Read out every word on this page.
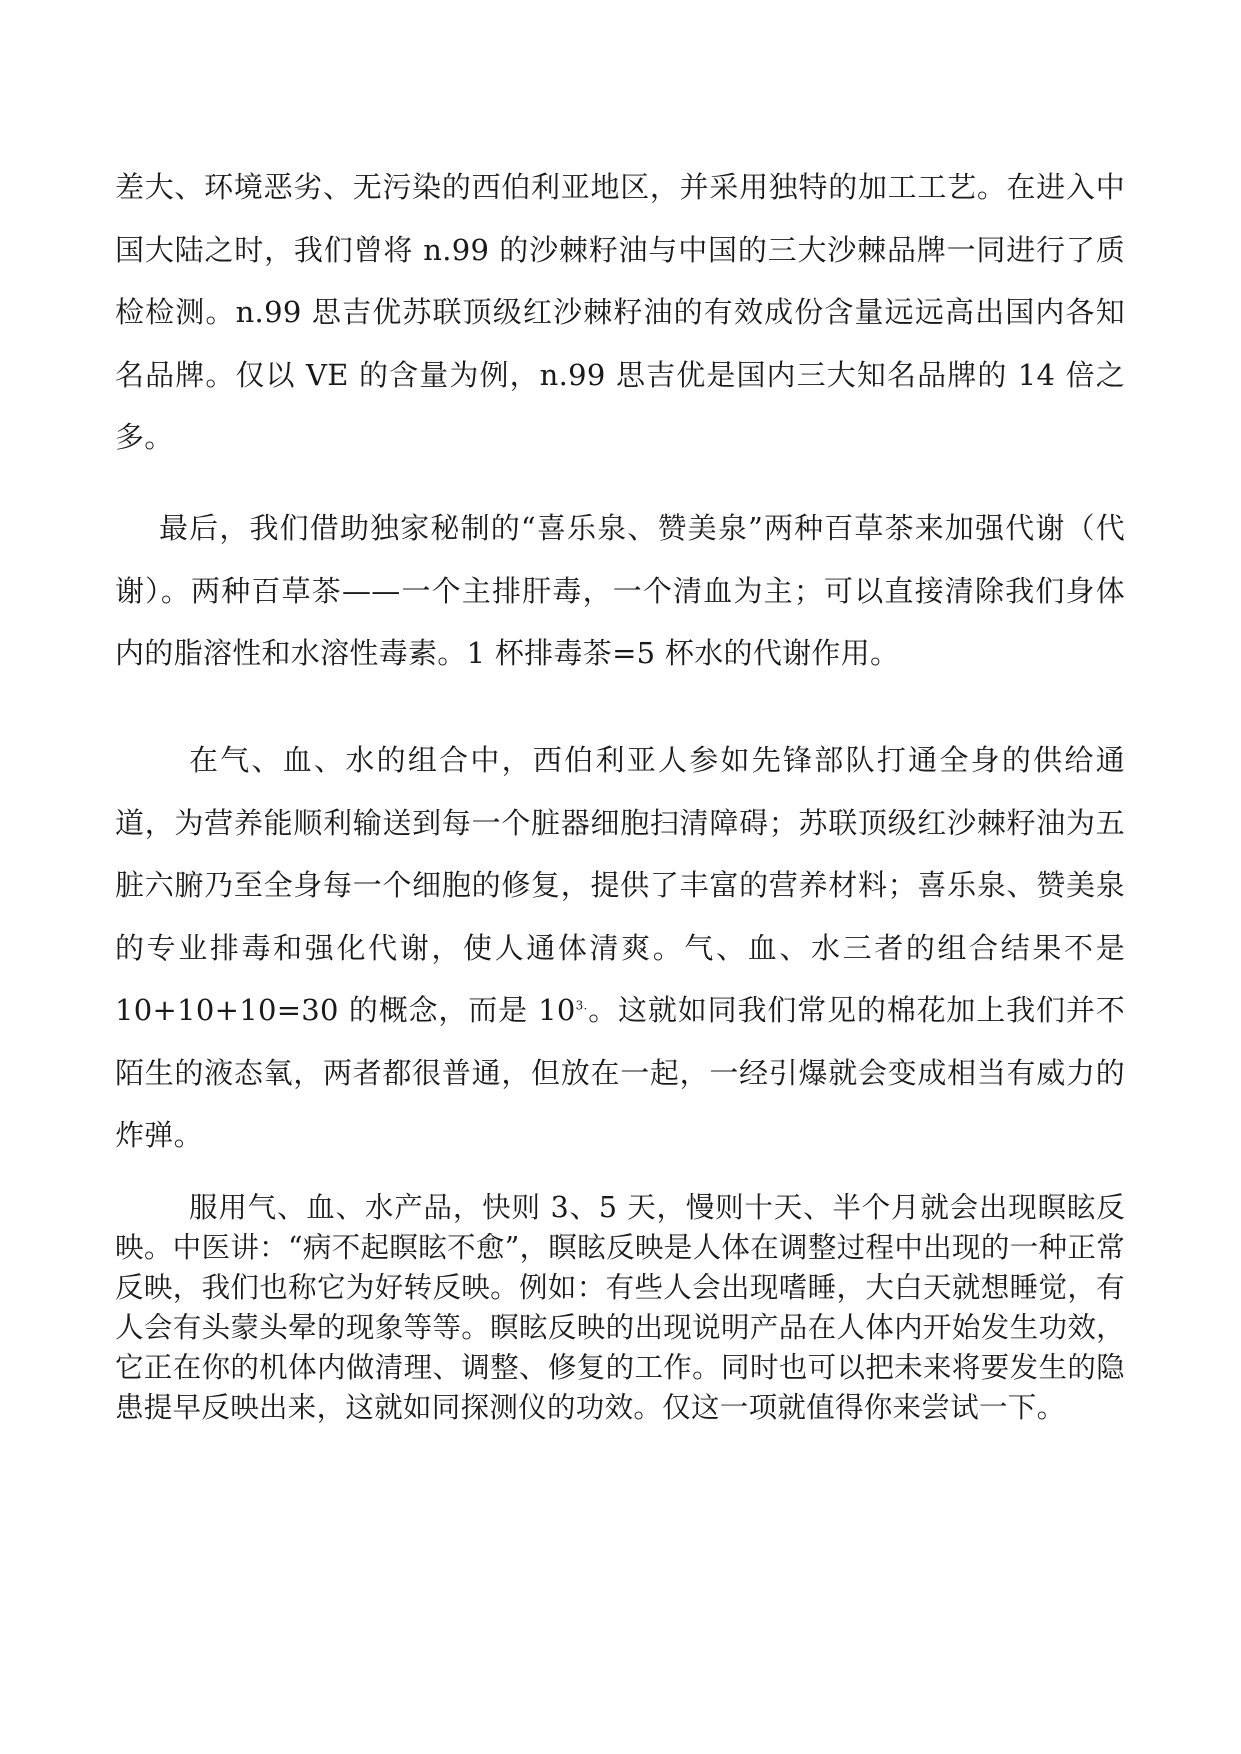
差大、环境恶劣、无污染的西伯利亚地区，并采用独特的加工工艺。在进入中国大陆之时，我们曾将 n.99 的沙棘籽油与中国的三大沙棘品牌一同进行了质检检测。n.99 思吉优苏联顶级红沙棘籽油的有效成份含量远远高出国内各知名品牌。仅以 VE 的含量为例，n.99 思吉优是国内三大知名品牌的 14 倍之多。

最后，我们借助独家秘制的“喜乐泉、赞美泉”两种百草茶来加强代谢（代谢）。两种百草茶——一个主排肝毒，一个清血为主；可以直接清除我们身体内的脂溶性和水溶性毒素。1 杯排毒茶=5 杯水的代谢作用。

在气、血、水的组合中，西伯利亚人参如先锋部队打通全身的供给通道，为营养能顺利输送到每一个脏器细胞扫清障碍；苏联顶级红沙棘籽油为五脏六腑乃至全身每一个细胞的修复，提供了丰富的营养材料；喜乐泉、赞美泉的专业排毒和强化代谢，使人通体清爽。气、血、水三者的组合结果不是 10+10+10=30 的概念，而是 $10^{3.}$。这就如同我们常见的棉花加上我们并不陌生的液态氧，两者都很普通，但放在一起，一经引爆就会变成相当有威力的炸弹。

服用气、血、水产品，快则 3、5 天，慢则十天、半个月就会出现瞑眩反映。中医讲：“病不起瞑眩不愈”，瞑眩反映是人体在调整过程中出现的一种正常反映，我们也称它为好转反映。例如：有些人会出现嗜睡，大白天就想睡觉，有人会有头蒙头晕的现象等等。瞑眩反映的出现说明产品在人体内开始发生功效，它正在你的机体内做清理、调整、修复的工作。同时也可以把未来将要发生的隐患提早反映出来，这就如同探测仪的功效。仅这一项就值得你来尝试一下。
